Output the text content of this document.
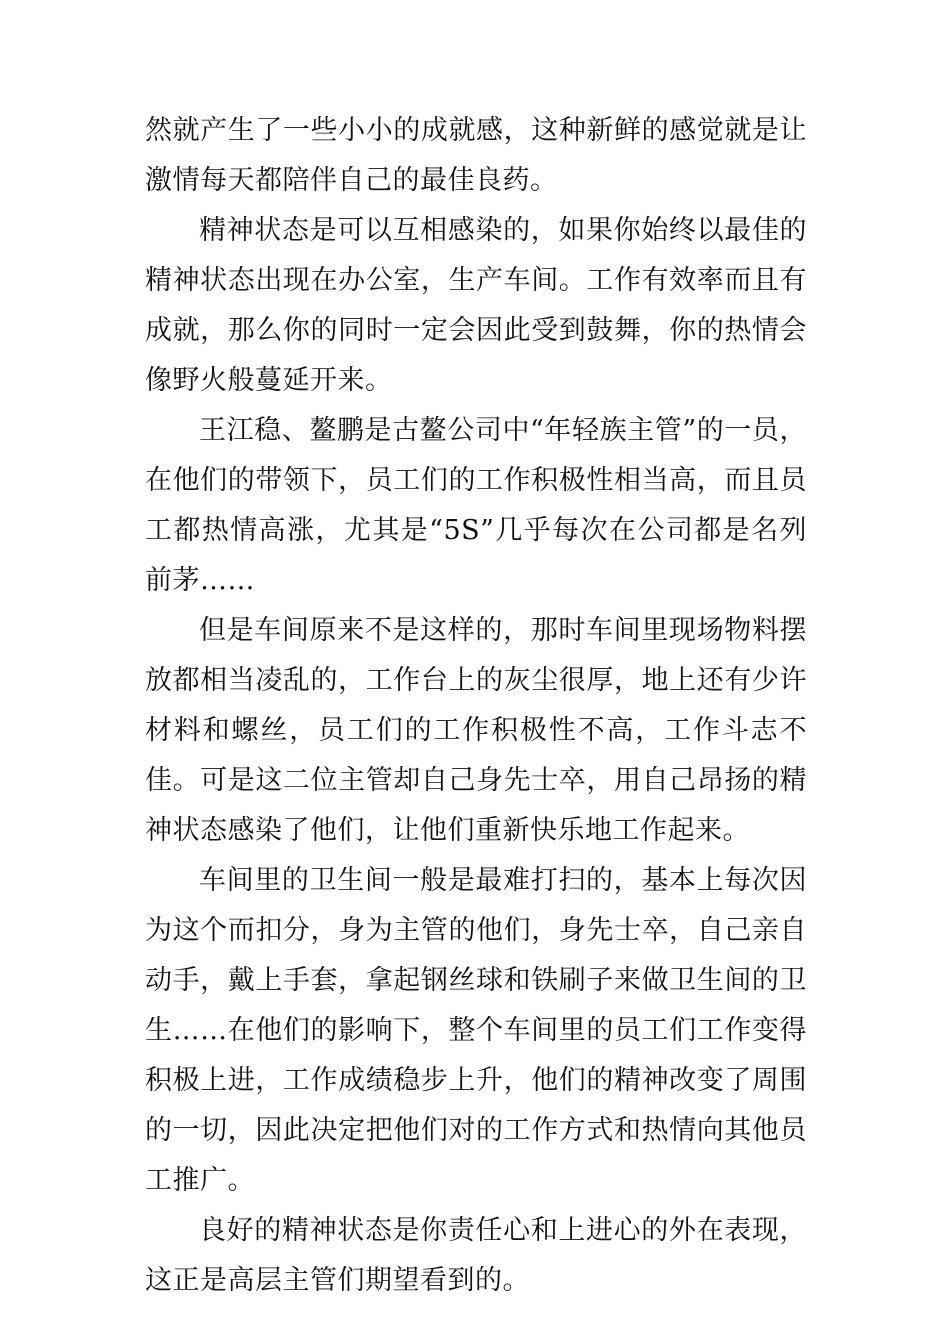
然就产生了一些小小的成就感，这种新鲜的感觉就是让激情每天都陪伴自己的最佳良药。

精神状态是可以互相感染的，如果你始终以最佳的精神状态出现在办公室，生产车间。工作有效率而且有成就，那么你的同时一定会因此受到鼓舞，你的热情会像野火般蔓延开来。

王江稳、鳌鹏是古鳌公司中“年轻族主管”的一员，在他们的带领下，员工们的工作积极性相当高，而且员工都热情高涨，尤其是“5S”几乎每次在公司都是名列前茅……

但是车间原来不是这样的，那时车间里现场物料摆放都相当凌乱的，工作台上的灰尘很厚，地上还有少许材料和螺丝，员工们的工作积极性不高，工作斗志不佳。可是这二位主管却自己身先士卒，用自己昂扬的精神状态感染了他们，让他们重新快乐地工作起来。

车间里的卫生间一般是最难打扫的，基本上每次因为这个而扣分，身为主管的他们，身先士卒，自己亲自动手，戴上手套，拿起钢丝球和铁刷子来做卫生间的卫生……在他们的影响下，整个车间里的员工们工作变得积极上进，工作成绩稳步上升，他们的精神改变了周围的一切，因此决定把他们对的工作方式和热情向其他员工推广。

良好的精神状态是你责任心和上进心的外在表现，这正是高层主管们期望看到的。
